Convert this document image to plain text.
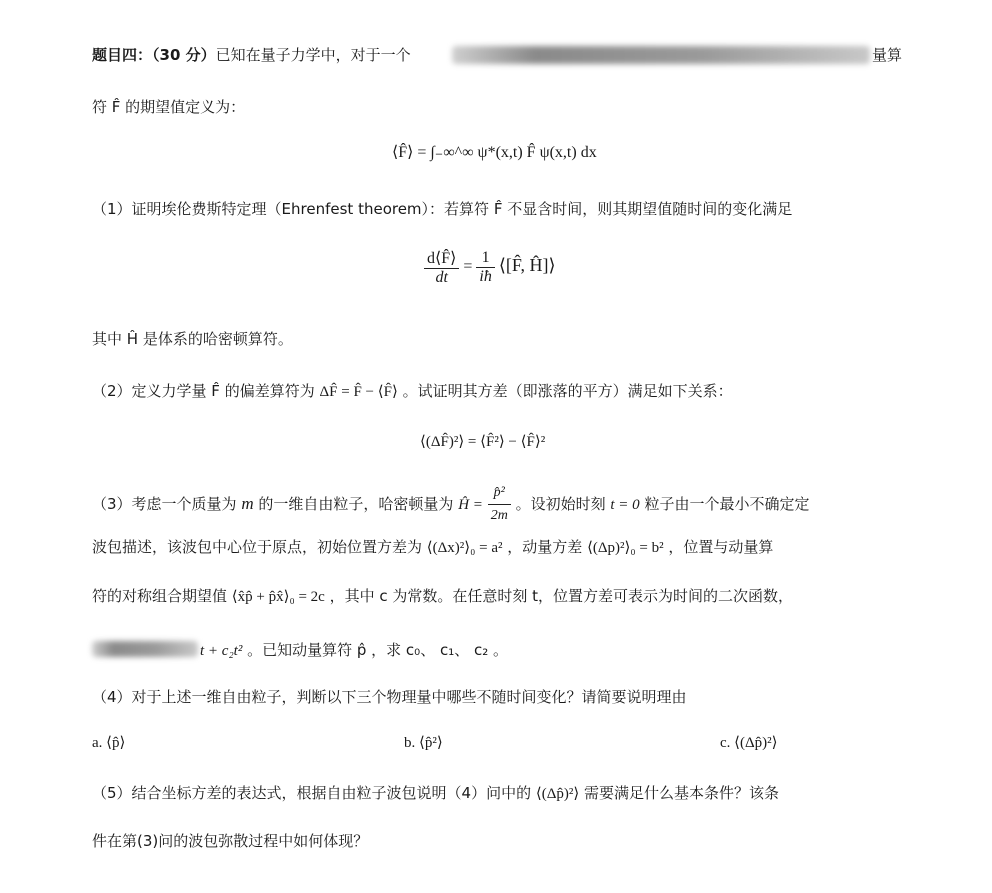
题目四：（30 分）已知在量子力学中，对于一个	量算
符 F̂ 的期望值定义为：
⟨F̂⟩ = ∫₋∞^∞ ψ*(x,t) F̂ ψ(x,t) dx
（1）证明埃伦费斯特定理（Ehrenfest theorem）：若算符 F̂ 不显含时间，则其期望值随时间的变化满足
$\frac{d⟨F̂⟩}{dt} = \frac{1}{iħ}$ ⟨[F̂, Ĥ]⟩
其中 Ĥ 是体系的哈密顿算符。
（2）定义力学量 F̂ 的偏差算符为 ΔF̂ = F̂ − ⟨F̂⟩ 。试证明其方差（即涨落的平方）满足如下关系：
⟨(ΔF̂)²⟩ = ⟨F̂²⟩ − ⟨F̂⟩²
（3）考虑一个质量为 m 的一维自由粒子，哈密顿量为 Ĥ = $\frac{\text{p̂²}}{2m}$ 。设初始时刻 t = 0 粒子由一个最小不确定定
波包描述，该波包中心位于原点，初始位置方差为 ⟨(Δx)²⟩₀ = a² ，动量方差 ⟨(Δp)²⟩₀ = b² ，位置与动量算
符的对称组合期望值 ⟨x̂p̂ + p̂x̂⟩₀ = 2c ，其中 c 为常数。在任意时刻 t，位置方差可表示为时间的二次函数，
t + c₂t² 。已知动量算符 p̂ ，求 c₀、 c₁、 c₂ 。
（4）对于上述一维自由粒子，判断以下三个物理量中哪些不随时间变化？请简要说明理由
a. ⟨p̂⟩	b. ⟨p̂²⟩	c. ⟨(Δp̂)²⟩
（5）结合坐标方差的表达式，根据自由粒子波包说明（4）问中的 ⟨(Δp̂)²⟩ 需要满足什么基本条件？该条
件在第(3)问的波包弥散过程中如何体现？
